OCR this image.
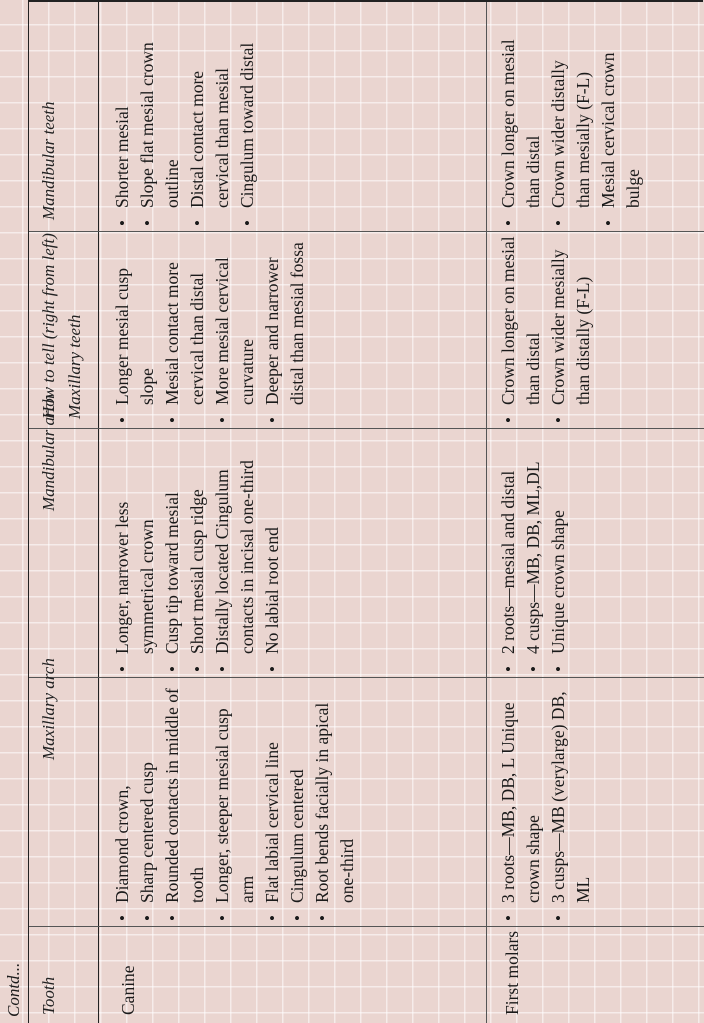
Contd... Tooth
Maxillary arch
Mandibular arch
How to tell (right from left) Maxillary teeth
Mandibular teeth
Canine
• Diamond crown, • Sharp centered cusp • Rounded contacts in middle of tooth • Longer, steeper mesial cusp arm • Flat labial cervical line • Cingulum centered • Root bends facially in apical one-third
• Longer, narrower less symmetrical crown • Cusp tip toward mesial • Short mesial cusp ridge • Distally located Cingulum contacts in incisal one-third • No labial root end
• Longer mesial cusp slope • Mesial contact more cervical than distal • More mesial cervical curvature • Deeper and narrower distal than mesial fossa
• Shorter mesial • Slope flat mesial crown outline • Distal contact more cervical than mesial • Cingulum toward distal
First molars
• 3 roots—MB, DB, L Unique crown shape • 3 cusps—MB (verylarge) DB, ML
• 2 roots—mesial and distal • 4 cusps—MB, DB, ML,DL • Unique crown shape
• Crown longer on mesial than distal • Crown wider mesially than distally (F-L)
• Crown longer on mesial than distal • Crown wider distally than mesially (F-L) • Mesial cervical crown bulge
